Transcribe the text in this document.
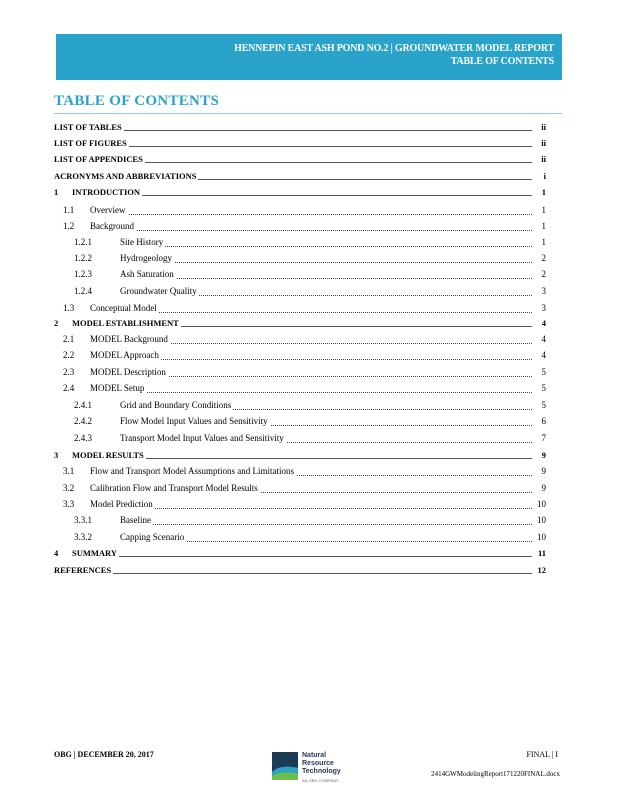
HENNEPIN EAST ASH POND NO.2 | GROUNDWATER MODEL REPORT
TABLE OF CONTENTS
TABLE OF CONTENTS
LIST OF TABLES	ii
LIST OF FIGURES	ii
LIST OF APPENDICES	ii
ACRONYMS AND ABBREVIATIONS	i
1 INTRODUCTION	1
1.1 Overview	1
1.2 Background	1
1.2.1	Site History	1
1.2.2	Hydrogeology	2
1.2.3	Ash Saturation	2
1.2.4	Groundwater Quality	3
1.3 Conceptual Model	3
2 MODEL ESTABLISHMENT	4
2.1 MODEL Background	4
2.2 MODEL Approach	4
2.3 MODEL Description	5
2.4 MODEL Setup	5
2.4.1	Grid and Boundary Conditions	5
2.4.2	Flow Model Input Values and Sensitivity	6
2.4.3	Transport Model Input Values and Sensitivity	7
3 MODEL RESULTS	9
3.1 Flow and Transport Model Assumptions and Limitations	9
3.2 Calibration Flow and Transport Model Results	9
3.3 Model Prediction	10
3.3.1	Baseline	10
3.3.2	Capping Scenario	10
4 SUMMARY	11
REFERENCES	12
OBG | DECEMBER 20, 2017	Natural
Resource
Technology
AN OBG COMPANY
FINAL | I
2414GWModelingReport171220FINAL.docx
